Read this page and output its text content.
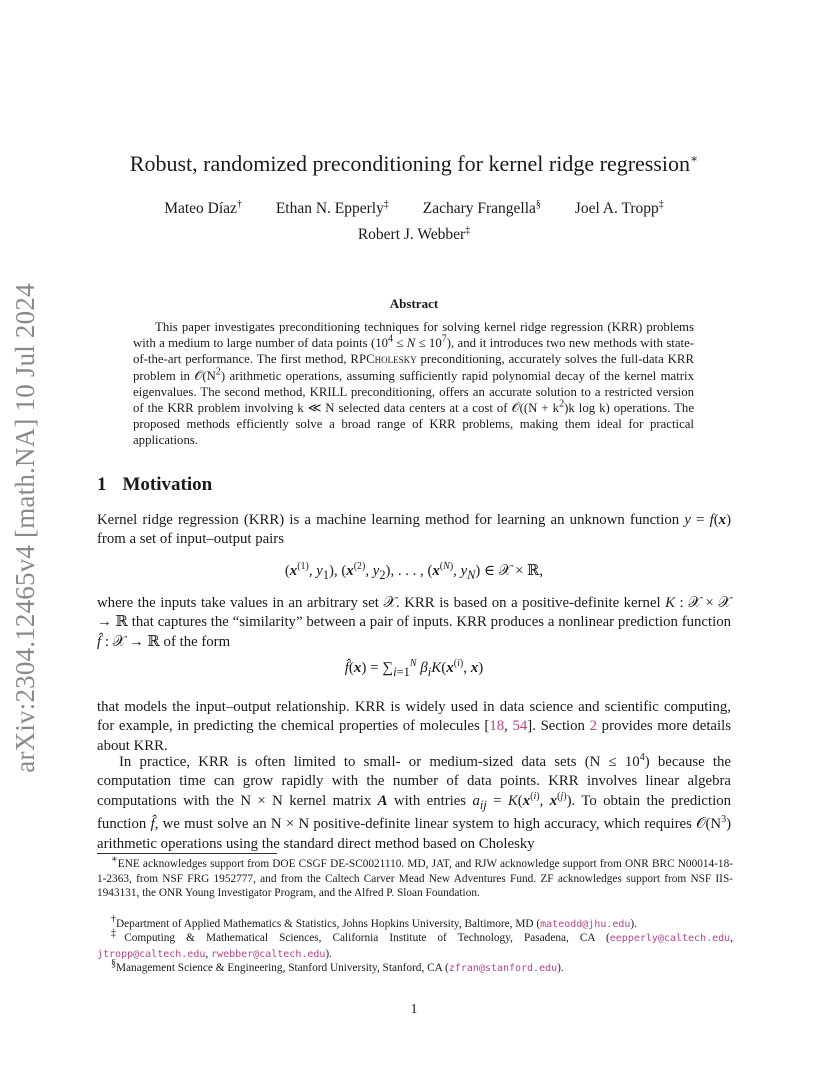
arXiv:2304.12465v4 [math.NA] 10 Jul 2024
Robust, randomized preconditioning for kernel ridge regression∗
Mateo Díaz† Ethan N. Epperly‡ Zachary Frangella§ Joel A. Tropp‡
Robert J. Webber‡
Abstract
This paper investigates preconditioning techniques for solving kernel ridge regression (KRR) problems with a medium to large number of data points $(10^4 \le N \le 10^7)$, and it introduces two new methods with state-of-the-art performance. The first method, RPCholesky preconditioning, accurately solves the full-data KRR problem in $𝒪(N^2)$ arithmetic operations, assuming sufficiently rapid polynomial decay of the kernel matrix eigenvalues. The second method, KRILL preconditioning, offers an accurate solution to a restricted version of the KRR problem involving k ≪ N selected data centers at a cost of 𝒪((N + $k^2)k$ log k) operations. The proposed methods efficiently solve a broad range of KRR problems, making them ideal for practical applications.
1 Motivation
Kernel ridge regression (KRR) is a machine learning method for learning an unknown function y = f(x) from a set of input–output pairs
($x^{(1)}$, $y_1$), ($x^{(2)}$, $y_2$), . . . , ($x^{(N)}$, $y_N$) ∈ 𝒳 × ℝ,
where the inputs take values in an arbitrary set 𝒳. KRR is based on a positive-definite kernel K : 𝒳 × 𝒳 → ℝ that captures the “similarity” between a pair of inputs. KRR produces a nonlinear prediction function f̂ : 𝒳 → ℝ of the form
f̂(x) = $\sum_{i=1}^N$ $\beta_iK(x^{(i)}$, x)
that models the input–output relationship. KRR is widely used in data science and scientific computing, for example, in predicting the chemical properties of molecules [18, 54]. Section 2 provides more details about KRR.
In practice, KRR is often limited to small- or medium-sized data sets $(N \le 10^4)$ because the computation time can grow rapidly with the number of data points. KRR involves linear algebra computations with the N × N kernel matrix A with entries $a_{ij} = K(x^{(i)}$, $x^{(j)}$). To obtain the prediction function f̂, we must solve an N × N positive-definite linear system to high accuracy, which requires $𝒪(N^3)$ arithmetic operations using the standard direct method based on Cholesky
∗ENE acknowledges support from DOE CSGF DE-SC0021110. MD, JAT, and RJW acknowledge support from ONR BRC N00014-18-1-2363, from NSF FRG 1952777, and from the Caltech Carver Mead New Adventures Fund. ZF acknowledges support from NSF IIS-1943131, the ONR Young Investigator Program, and the Alfred P. Sloan Foundation.
†Department of Applied Mathematics & Statistics, Johns Hopkins University, Baltimore, MD (mateodd@jhu.edu).
‡Computing & Mathematical Sciences, California Institute of Technology, Pasadena, CA (eepperly@caltech.edu, jtropp@caltech.edu, rwebber@caltech.edu).
§Management Science & Engineering, Stanford University, Stanford, CA (zfran@stanford.edu).
1
